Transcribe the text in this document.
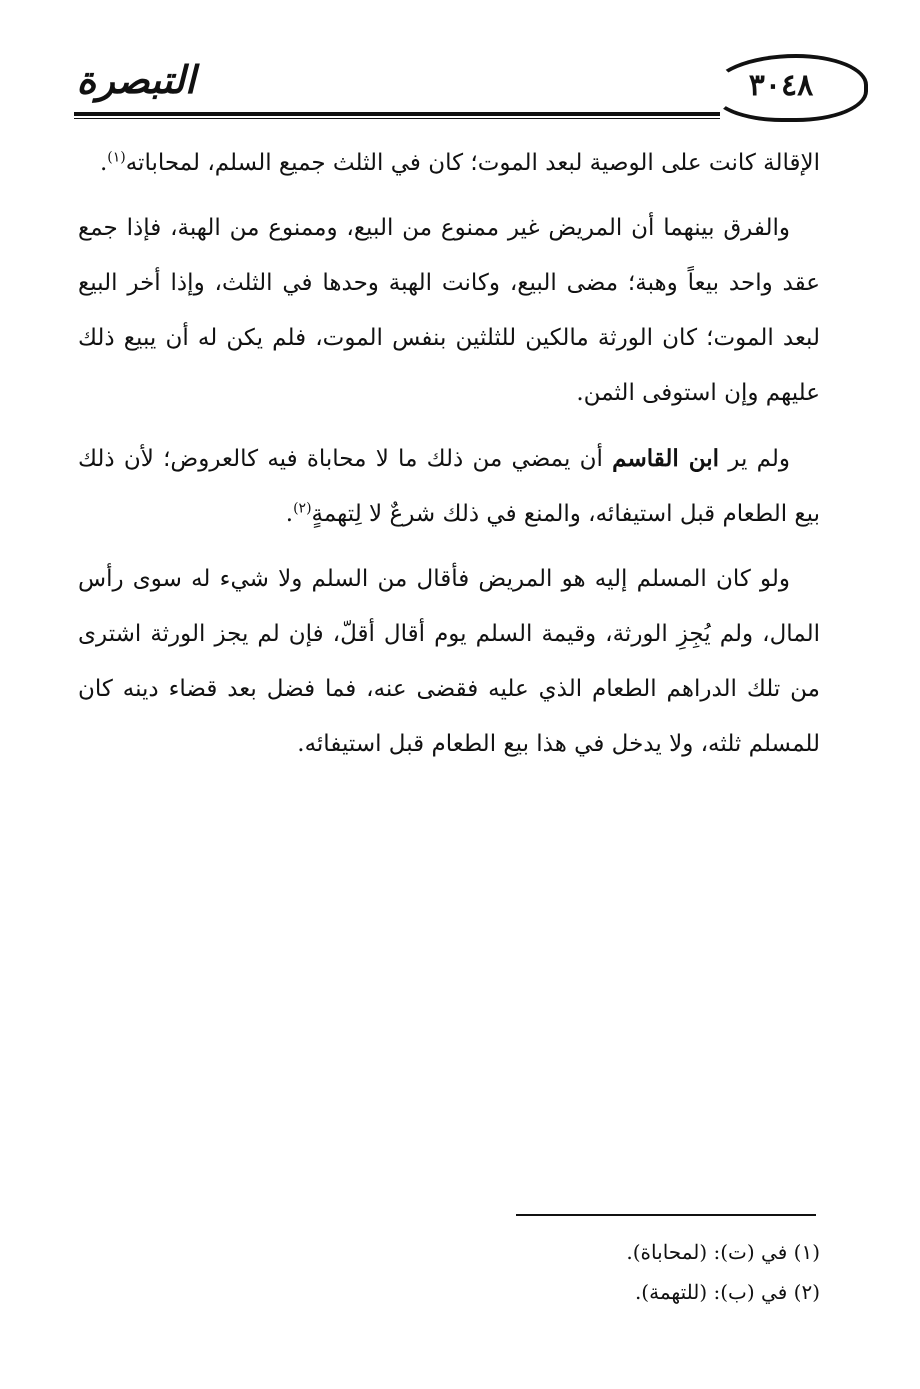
التبصرة	٣٠٤٨

الإقالة كانت على الوصية لبعد الموت؛ كان في الثلث جميع السلم، لمحاباته$^{(١)}$.

والفرق بينهما أن المريض غير ممنوع من البيع، وممنوع من الهبة، فإذا جمع عقد واحد بيعاً وهبة؛ مضى البيع، وكانت الهبة وحدها في الثلث، وإذا أخر البيع لبعد الموت؛ كان الورثة مالكين للثلثين بنفس الموت، فلم يكن له أن يبيع ذلك عليهم وإن استوفى الثمن.

ولم ير ابن القاسم أن يمضي من ذلك ما لا محاباة فيه كالعروض؛ لأن ذلك بيع الطعام قبل استيفائه، والمنع في ذلك شرعٌ لا لِتهمةٍ$^{(٢)}$.

ولو كان المسلم إليه هو المريض فأقال من السلم ولا شيء له سوى رأس المال، ولم يُجِزِ الورثة، وقيمة السلم يوم أقال أقلّ، فإن لم يجز الورثة اشترى من تلك الدراهم الطعام الذي عليه فقضى عنه، فما فضل بعد قضاء دينه كان للمسلم ثلثه، ولا يدخل في هذا بيع الطعام قبل استيفائه.

(١) في (ت): (لمحاباة).

(٢) في (ب): (للتهمة).
